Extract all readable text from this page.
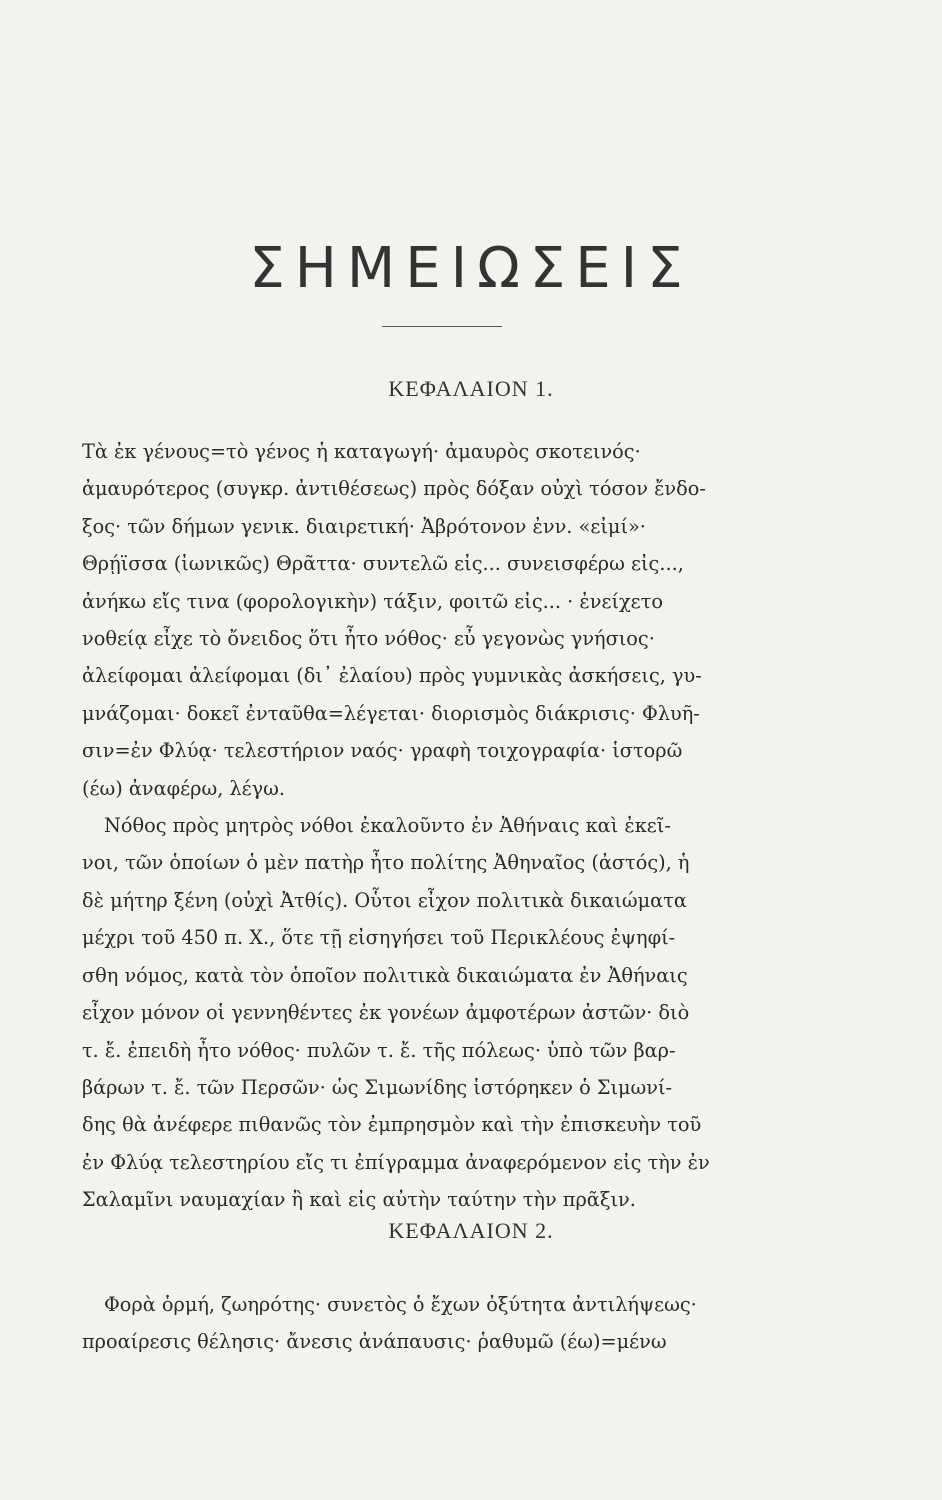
ΣΗΜΕΙΩΣΕΙΣ
ΚΕΦΑΛΑΙΟΝ 1.
Τὰ ἐκ γένους=τὸ γένος ἡ καταγωγή· ἀμαυρὸς σκοτεινός·
ἀμαυρότερος (συγκρ. ἀντιθέσεως) πρὸς δόξαν οὐχὶ τόσον ἔνδο-
ξος· τῶν δήμων γενικ. διαιρετική· Ἀβρότονον ἐνν. «εἰμί»·
Θρῄϊσσα (ἰωνικῶς) Θρᾶττα· συντελῶ εἰς... συνεισφέρω εἰς...,
ἀνήκω εἴς τινα (φορολογικὴν) τάξιν, φοιτῶ εἰς... · ἐνείχετο
νοθείᾳ εἶχε τὸ ὄνειδος ὅτι ἦτο νόθος· εὖ γεγονὼς γνήσιος·
ἀλείφομαι ἀλείφομαι (δι᾽ ἐλαίου) πρὸς γυμνικὰς ἀσκήσεις, γυ-
μνάζομαι· δοκεῖ ἐνταῦθα=λέγεται· διορισμὸς διάκρισις· Φλυῆ-
σιν=ἐν Φλύᾳ· τελεστήριον ναός· γραφὴ τοιχογραφία· ἱστορῶ
(έω) ἀναφέρω, λέγω.
Νόθος πρὸς μητρὸς νόθοι ἐκαλοῦντο ἐν Ἀθήναις καὶ ἐκεῖ-
νοι, τῶν ὁποίων ὁ μὲν πατὴρ ἦτο πολίτης Ἀθηναῖος (ἀστός), ἡ
δὲ μήτηρ ξένη (οὐχὶ Ἀτθίς). Οὗτοι εἶχον πολιτικὰ δικαιώματα
μέχρι τοῦ 450 π. Χ., ὅτε τῇ εἰσηγήσει τοῦ Περικλέους ἐψηφί-
σθη νόμος, κατὰ τὸν ὁποῖον πολιτικὰ δικαιώματα ἐν Ἀθήναις
εἶχον μόνον οἱ γεννηθέντες ἐκ γονέων ἀμφοτέρων ἀστῶν· διὸ
τ. ἔ. ἐπειδὴ ἦτο νόθος· πυλῶν τ. ἔ. τῆς πόλεως· ὑπὸ τῶν βαρ-
βάρων τ. ἔ. τῶν Περσῶν· ὡς Σιμωνίδης ἱστόρηκεν ὁ Σιμωνί-
δης θὰ ἀνέφερε πιθανῶς τὸν ἐμπρησμὸν καὶ τὴν ἐπισκευὴν τοῦ
ἐν Φλύᾳ τελεστηρίου εἴς τι ἐπίγραμμα ἀναφερόμενον εἰς τὴν ἐν
Σαλαμῖνι ναυμαχίαν ἢ καὶ εἰς αὐτὴν ταύτην τὴν πρᾶξιν.
ΚΕΦΑΛΑΙΟΝ 2.
Φορὰ ὁρμή, ζωηρότης· συνετὸς ὁ ἔχων ὀξύτητα ἀντιλήψεως·
προαίρεσις θέλησις· ἄνεσις ἀνάπαυσις· ῥαθυμῶ (έω)=μένω
